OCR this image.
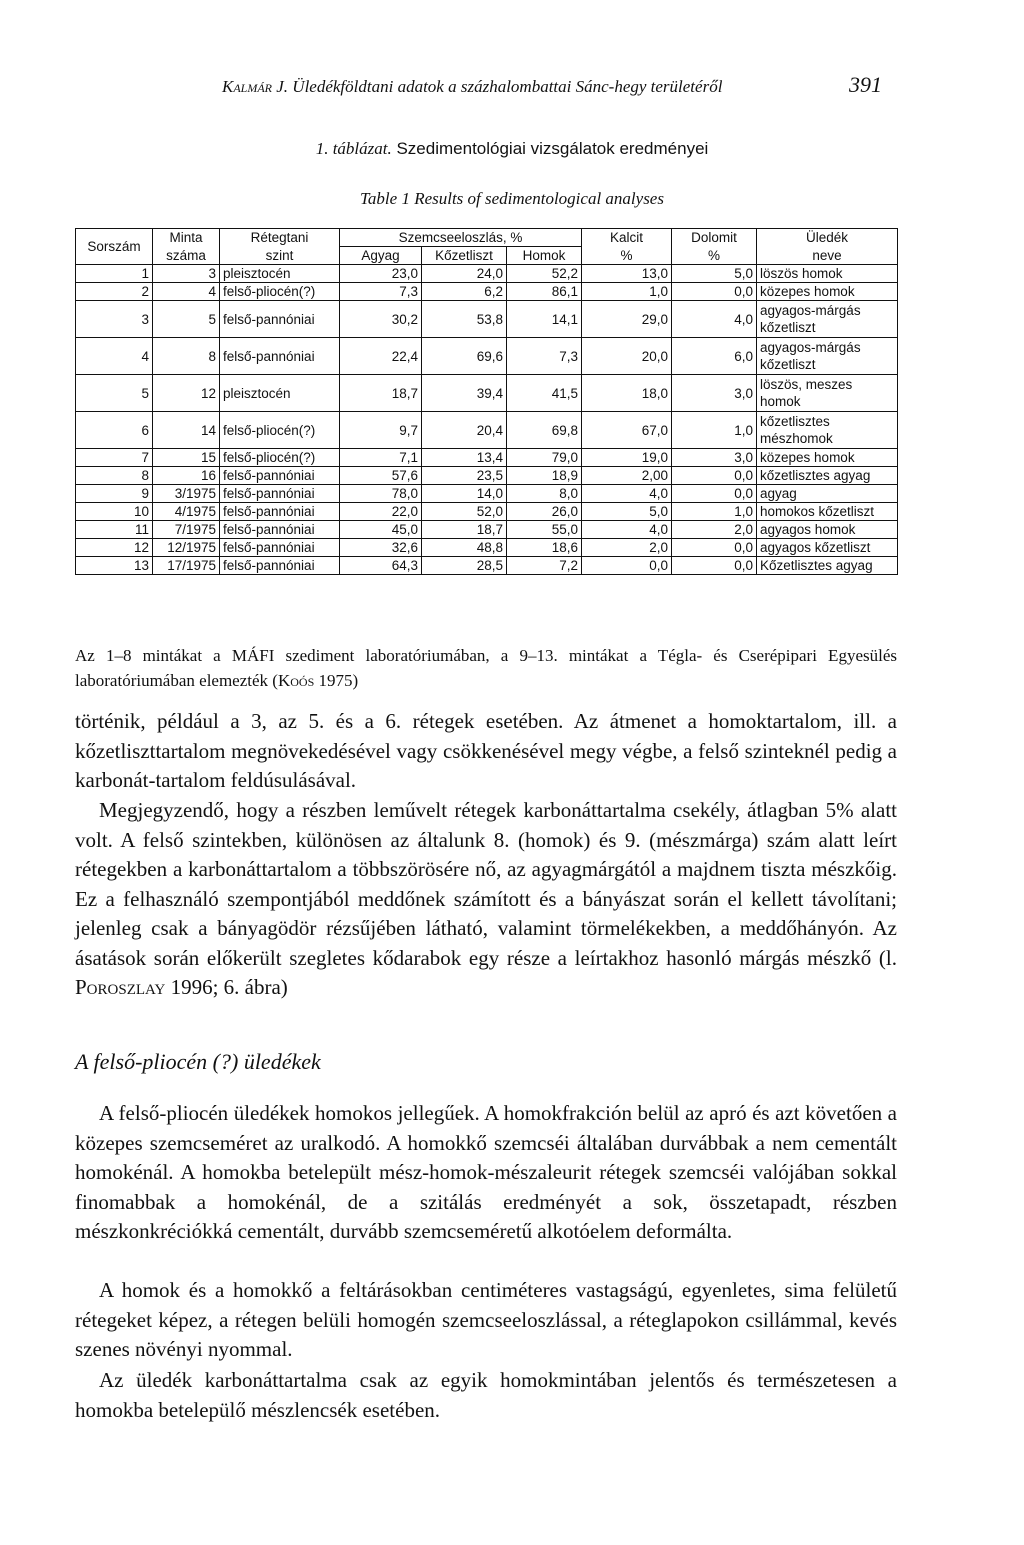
Kalmár J. Üledékföldtani adatok a százhalombattai Sánc-hegy területéről	391
1. táblázat. Szedimentológiai vizsgálatok eredményei
Table 1 Results of sedimentological analyses
Sorszám	Minta	Rétegtani	Szemcseeloszlás, %			Kalcit	Dolomit	Üledék
	száma	szint	Agyag	Kőzetliszt	Homok	%	%	neve
1	3	pleisztocén	23,0	24,0	52,2	13,0	5,0	löszös homok
2	4	felső-pliocén(?)	7,3	6,2	86,1	1,0	0,0	közepes homok
3	5	felső-pannóniai	30,2	53,8	14,1	29,0	4,0	agyagos-márgás kőzetliszt
4	8	felső-pannóniai	22,4	69,6	7,3	20,0	6,0	agyagos-márgás kőzetliszt
5	12	pleisztocén	18,7	39,4	41,5	18,0	3,0	löszös, meszes homok
6	14	felső-pliocén(?)	9,7	20,4	69,8	67,0	1,0	kőzetlisztes mészhomok
7	15	felső-pliocén(?)	7,1	13,4	79,0	19,0	3,0	közepes homok
8	16	felső-pannóniai	57,6	23,5	18,9	2,00	0,0	kőzetlisztes agyag
9	3/1975	felső-pannóniai	78,0	14,0	8,0	4,0	0,0	agyag
10	4/1975	felső-pannóniai	22,0	52,0	26,0	5,0	1,0	homokos kőzetliszt
11	7/1975	felső-pannóniai	45,0	18,7	55,0	4,0	2,0	agyagos homok
12	12/1975	felső-pannóniai	32,6	48,8	18,6	2,0	0,0	agyagos kőzetliszt
13	17/1975	felső-pannóniai	64,3	28,5	7,2	0,0	0,0	Kőzetlisztes agyag
Az 1–8 mintákat a MÁFI szediment laboratóriumában, a 9–13. mintákat a Tégla- és Cserépipari Egyesülés laboratóriumában elemezték (Koós 1975)

történik, például a 3, az 5. és a 6. rétegek esetében. Az átmenet a homoktartalom, ill. a kőzetliszttartalom megnövekedésével vagy csökkenésével megy végbe, a felső szinteknél pedig a karbonát-tartalom feldúsulásával.

Megjegyzendő, hogy a részben leművelt rétegek karbonáttartalma csekély, átlagban 5% alatt volt. A felső szintekben, különösen az általunk 8. (homok) és 9. (mészmárga) szám alatt leírt rétegekben a karbonáttartalom a többszörösére nő, az agyagmárgától a majdnem tiszta mészkőig. Ez a felhasználó szempontjából meddőnek számított és a bányászat során el kellett távolítani; jelenleg csak a bányagödör rézsűjében látható, valamint törmelékekben, a meddőhányón. Az ásatások során előkerült szegletes kődarabok egy része a leírtakhoz hasonló márgás mészkő (l. Poroszlay 1996; 6. ábra)

A felső-pliocén (?) üledékek

A felső-pliocén üledékek homokos jellegűek. A homokfrakción belül az apró és azt követően a közepes szemcseméret az uralkodó. A homokkő szemcséi általában durvábbak a nem cementált homokénál. A homokba betelepült mész-homok-mészaleurit rétegek szemcséi valójában sokkal finomabbak a homokénál, de a szitálás eredményét a sok, összetapadt, részben mészkonkréciókká cementált, durvább szemcseméretű alkotóelem deformálta.

A homok és a homokkő a feltárásokban centiméteres vastagságú, egyenletes, sima felületű rétegeket képez, a rétegen belüli homogén szemcseeloszlással, a réteglapokon csillámmal, kevés szenes növényi nyommal.

Az üledék karbonáttartalma csak az egyik homokmintában jelentős és természetesen a homokba betelepülő mészlencsék esetében.
